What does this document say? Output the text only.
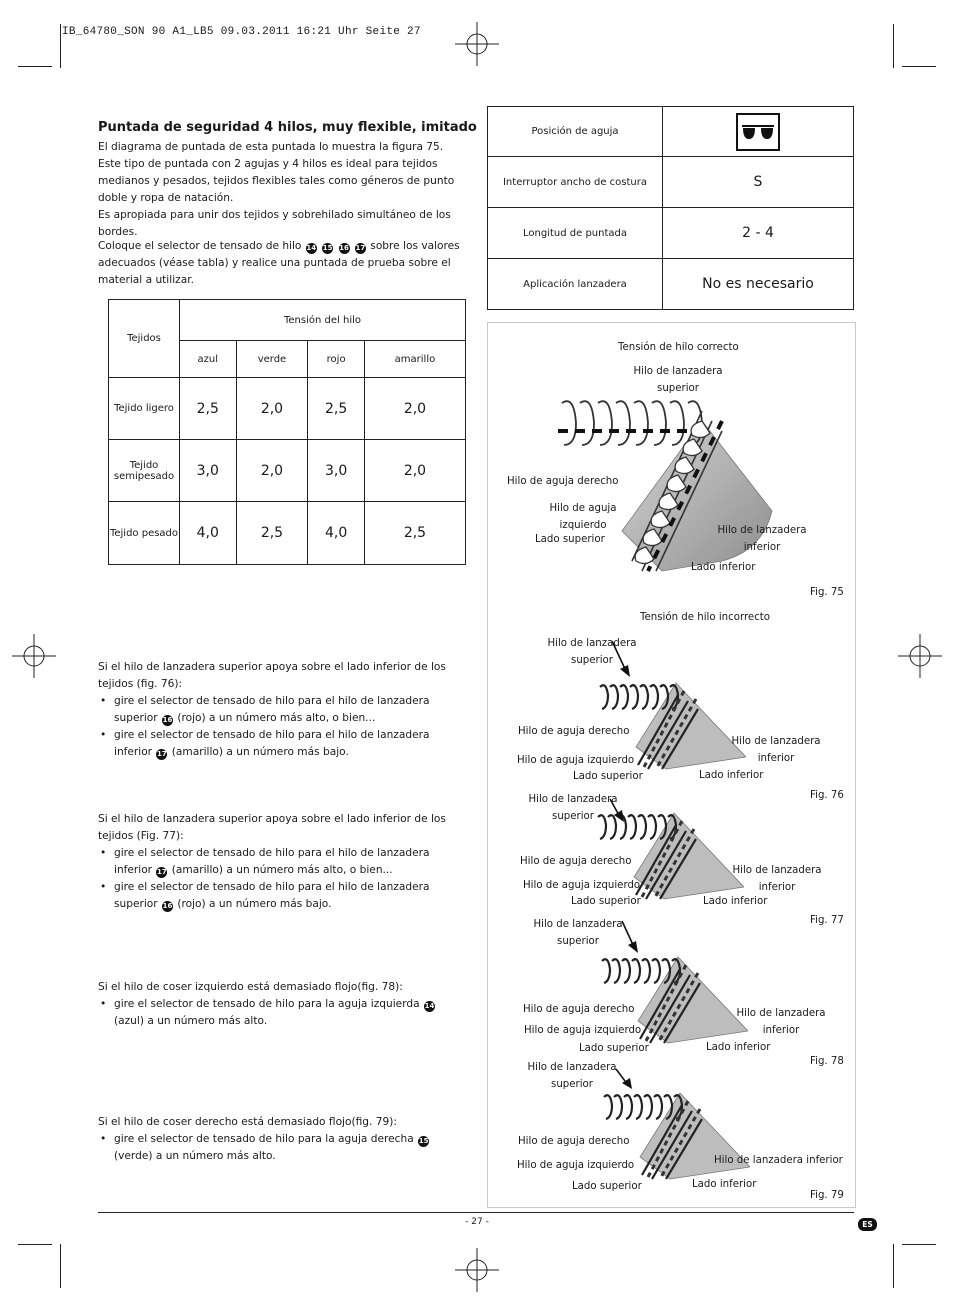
IB_64780_SON 90 A1_LB5 09.03.2011 16:21 Uhr Seite 27
Puntada de seguridad 4 hilos, muy flexible, imitado

El diagrama de puntada de esta puntada lo muestra la figura 75.

Este tipo de puntada con 2 agujas y 4 hilos es ideal para tejidos medianos y pesados, tejidos flexibles tales como géneros de punto doble y ropa de natación.

Es apropiada para unir dos tejidos y sobrehilado simultáneo de los bordes.

Coloque el selector de tensado de hilo 14 15 16 17 sobre los valores adecuados (véase tabla) y realice una puntada de prueba sobre el material a utilizar.

Tejidos	Tensión del hilo			
	azul	verde	rojo	amarillo
Tejido ligero	2,5	2,0	2,5	2,0
Tejido semipesado	3,0	2,0	3,0	2,0
Tejido pesado	4,0	2,5	4,0	2,5

Si el hilo de lanzadera superior apoya sobre el lado inferior de los tejidos (fig. 76):

• gire el selector de tensado de hilo para el hilo de lanzadera superior 16 (rojo) a un número más alto, o bien...
• gire el selector de tensado de hilo para el hilo de lanzadera inferior 17 (amarillo) a un número más bajo.

Si el hilo de lanzadera superior apoya sobre el lado inferior de los tejidos (Fig. 77):

• gire el selector de tensado de hilo para el hilo de lanzadera inferior 17 (amarillo) a un número más alto, o bien...
• gire el selector de tensado de hilo para el hilo de lanzadera superior 16 (rojo) a un número más bajo.

Si el hilo de coser izquierdo está demasiado flojo(fig. 78):

• gire el selector de tensado de hilo para la aguja izquierda 14 (azul) a un número más alto.

Si el hilo de coser derecho está demasiado flojo(fig. 79):

• gire el selector de tensado de hilo para la aguja derecha 15 (verde) a un número más alto.
Posición de aguja	
Interruptor ancho de costura	S
Longitud de puntada	2 - 4
Aplicación lanzadera	No es necesario
Tensión de hilo correcto
Hilo de lanzadera superior
Hilo de aguja derecho
Hilo de aguja izquierdo
Lado superior
Hilo de lanzadera inferior
Lado inferior
Fig. 75
Tensión de hilo incorrecto
Hilo de lanzadera superior
Hilo de aguja derecho
Hilo de aguja izquierdo
Lado superior
Hilo de lanzadera inferior
Lado inferior
Fig. 76
Hilo de lanzadera superior
Hilo de aguja derecho
Hilo de aguja izquierdo
Lado superior
Hilo de lanzadera inferior
Lado inferior
Fig. 77
Hilo de lanzadera superior
Hilo de aguja derecho
Hilo de aguja izquierdo
Lado superior
Hilo de lanzadera inferior
Lado inferior
Fig. 78
Hilo de lanzadera superior
Hilo de aguja derecho
Hilo de aguja izquierdo
Lado superior
Hilo de lanzadera inferior
Lado inferior
Fig. 79
- 27 -	ES
